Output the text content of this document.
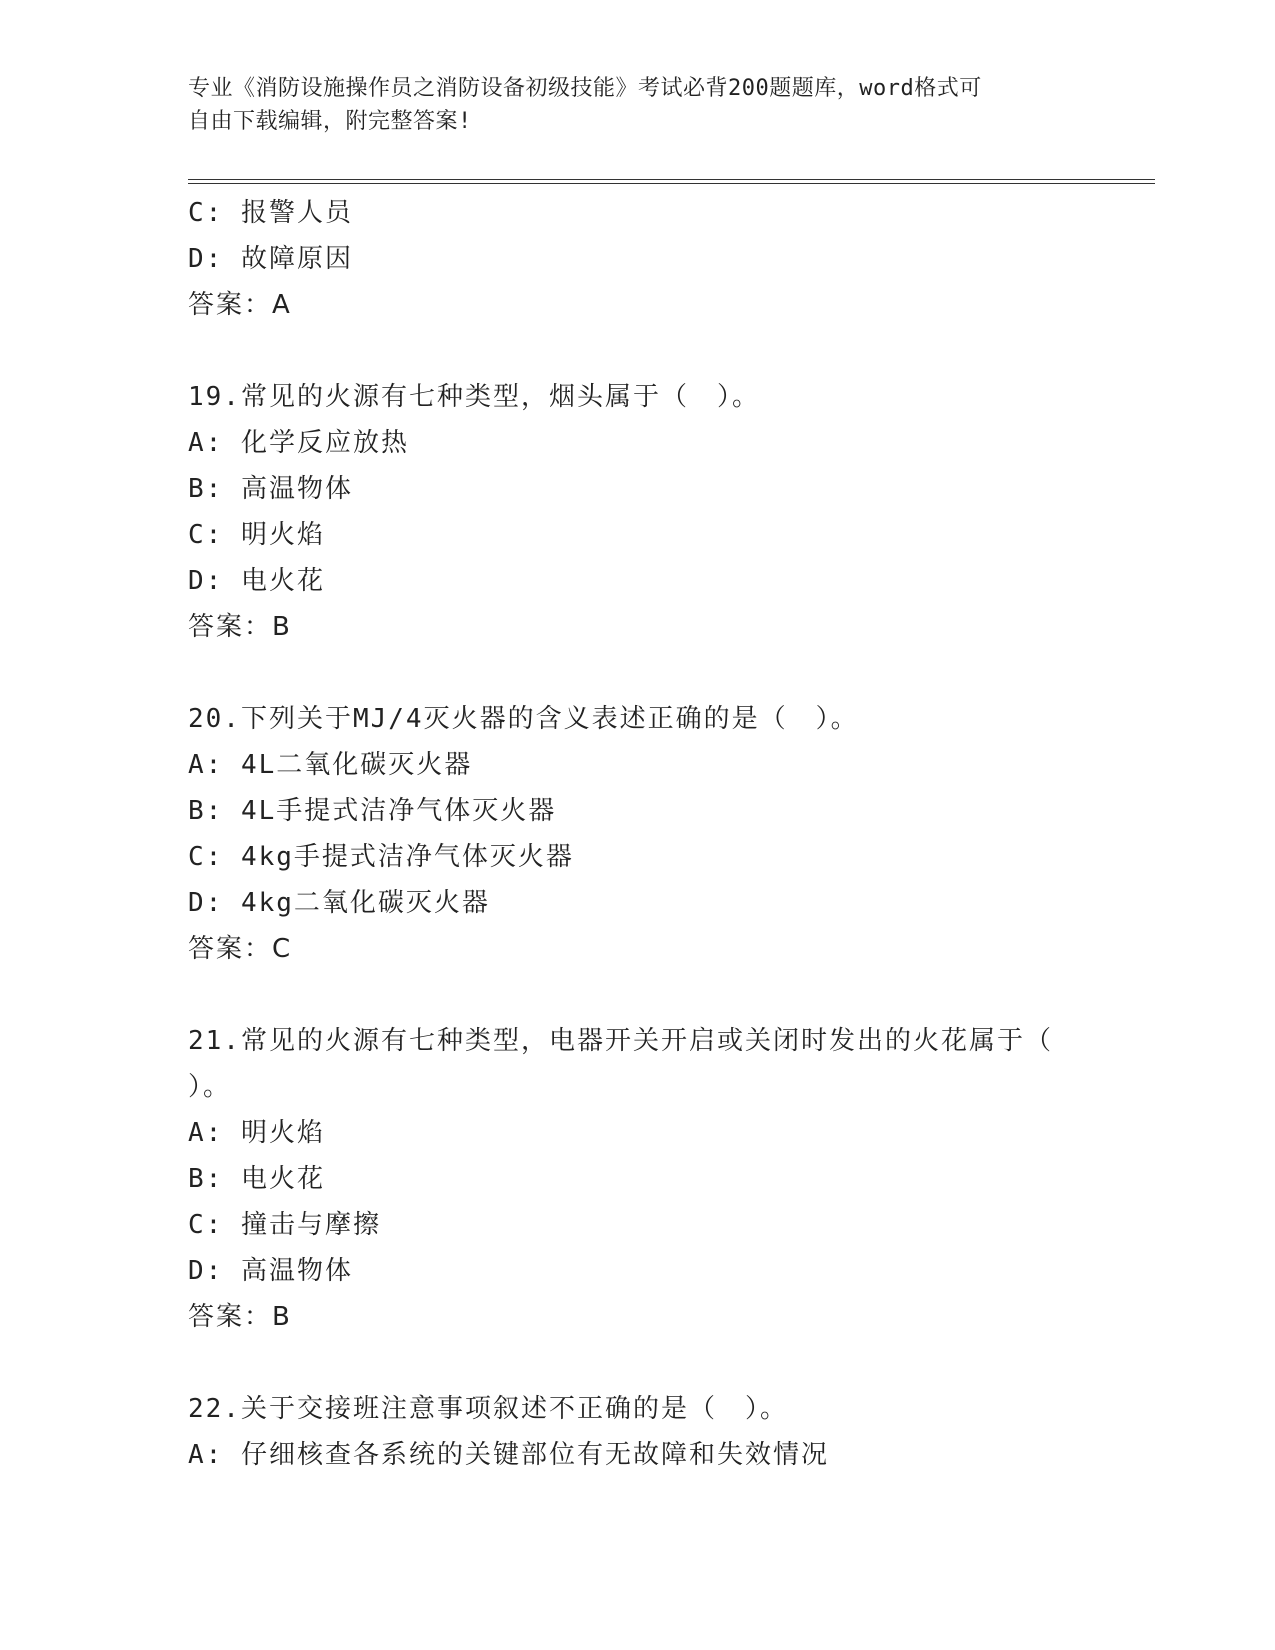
专业《消防设施操作员之消防设备初级技能》考试必背200题题库，word格式可
自由下载编辑，附完整答案!
C: 报警人员
D: 故障原因
答案：A
19.常见的火源有七种类型，烟头属于（　）。
A: 化学反应放热
B: 高温物体
C: 明火焰
D: 电火花
答案：B
20.下列关于MJ/4灭火器的含义表述正确的是（　）。
A: 4L二氧化碳灭火器
B: 4L手提式洁净气体灭火器
C: 4kg手提式洁净气体灭火器
D: 4kg二氧化碳灭火器
答案：C
21.常见的火源有七种类型，电器开关开启或关闭时发出的火花属于（
）。
A: 明火焰
B: 电火花
C: 撞击与摩擦
D: 高温物体
答案：B
22.关于交接班注意事项叙述不正确的是（　）。
A: 仔细核查各系统的关键部位有无故障和失效情况
